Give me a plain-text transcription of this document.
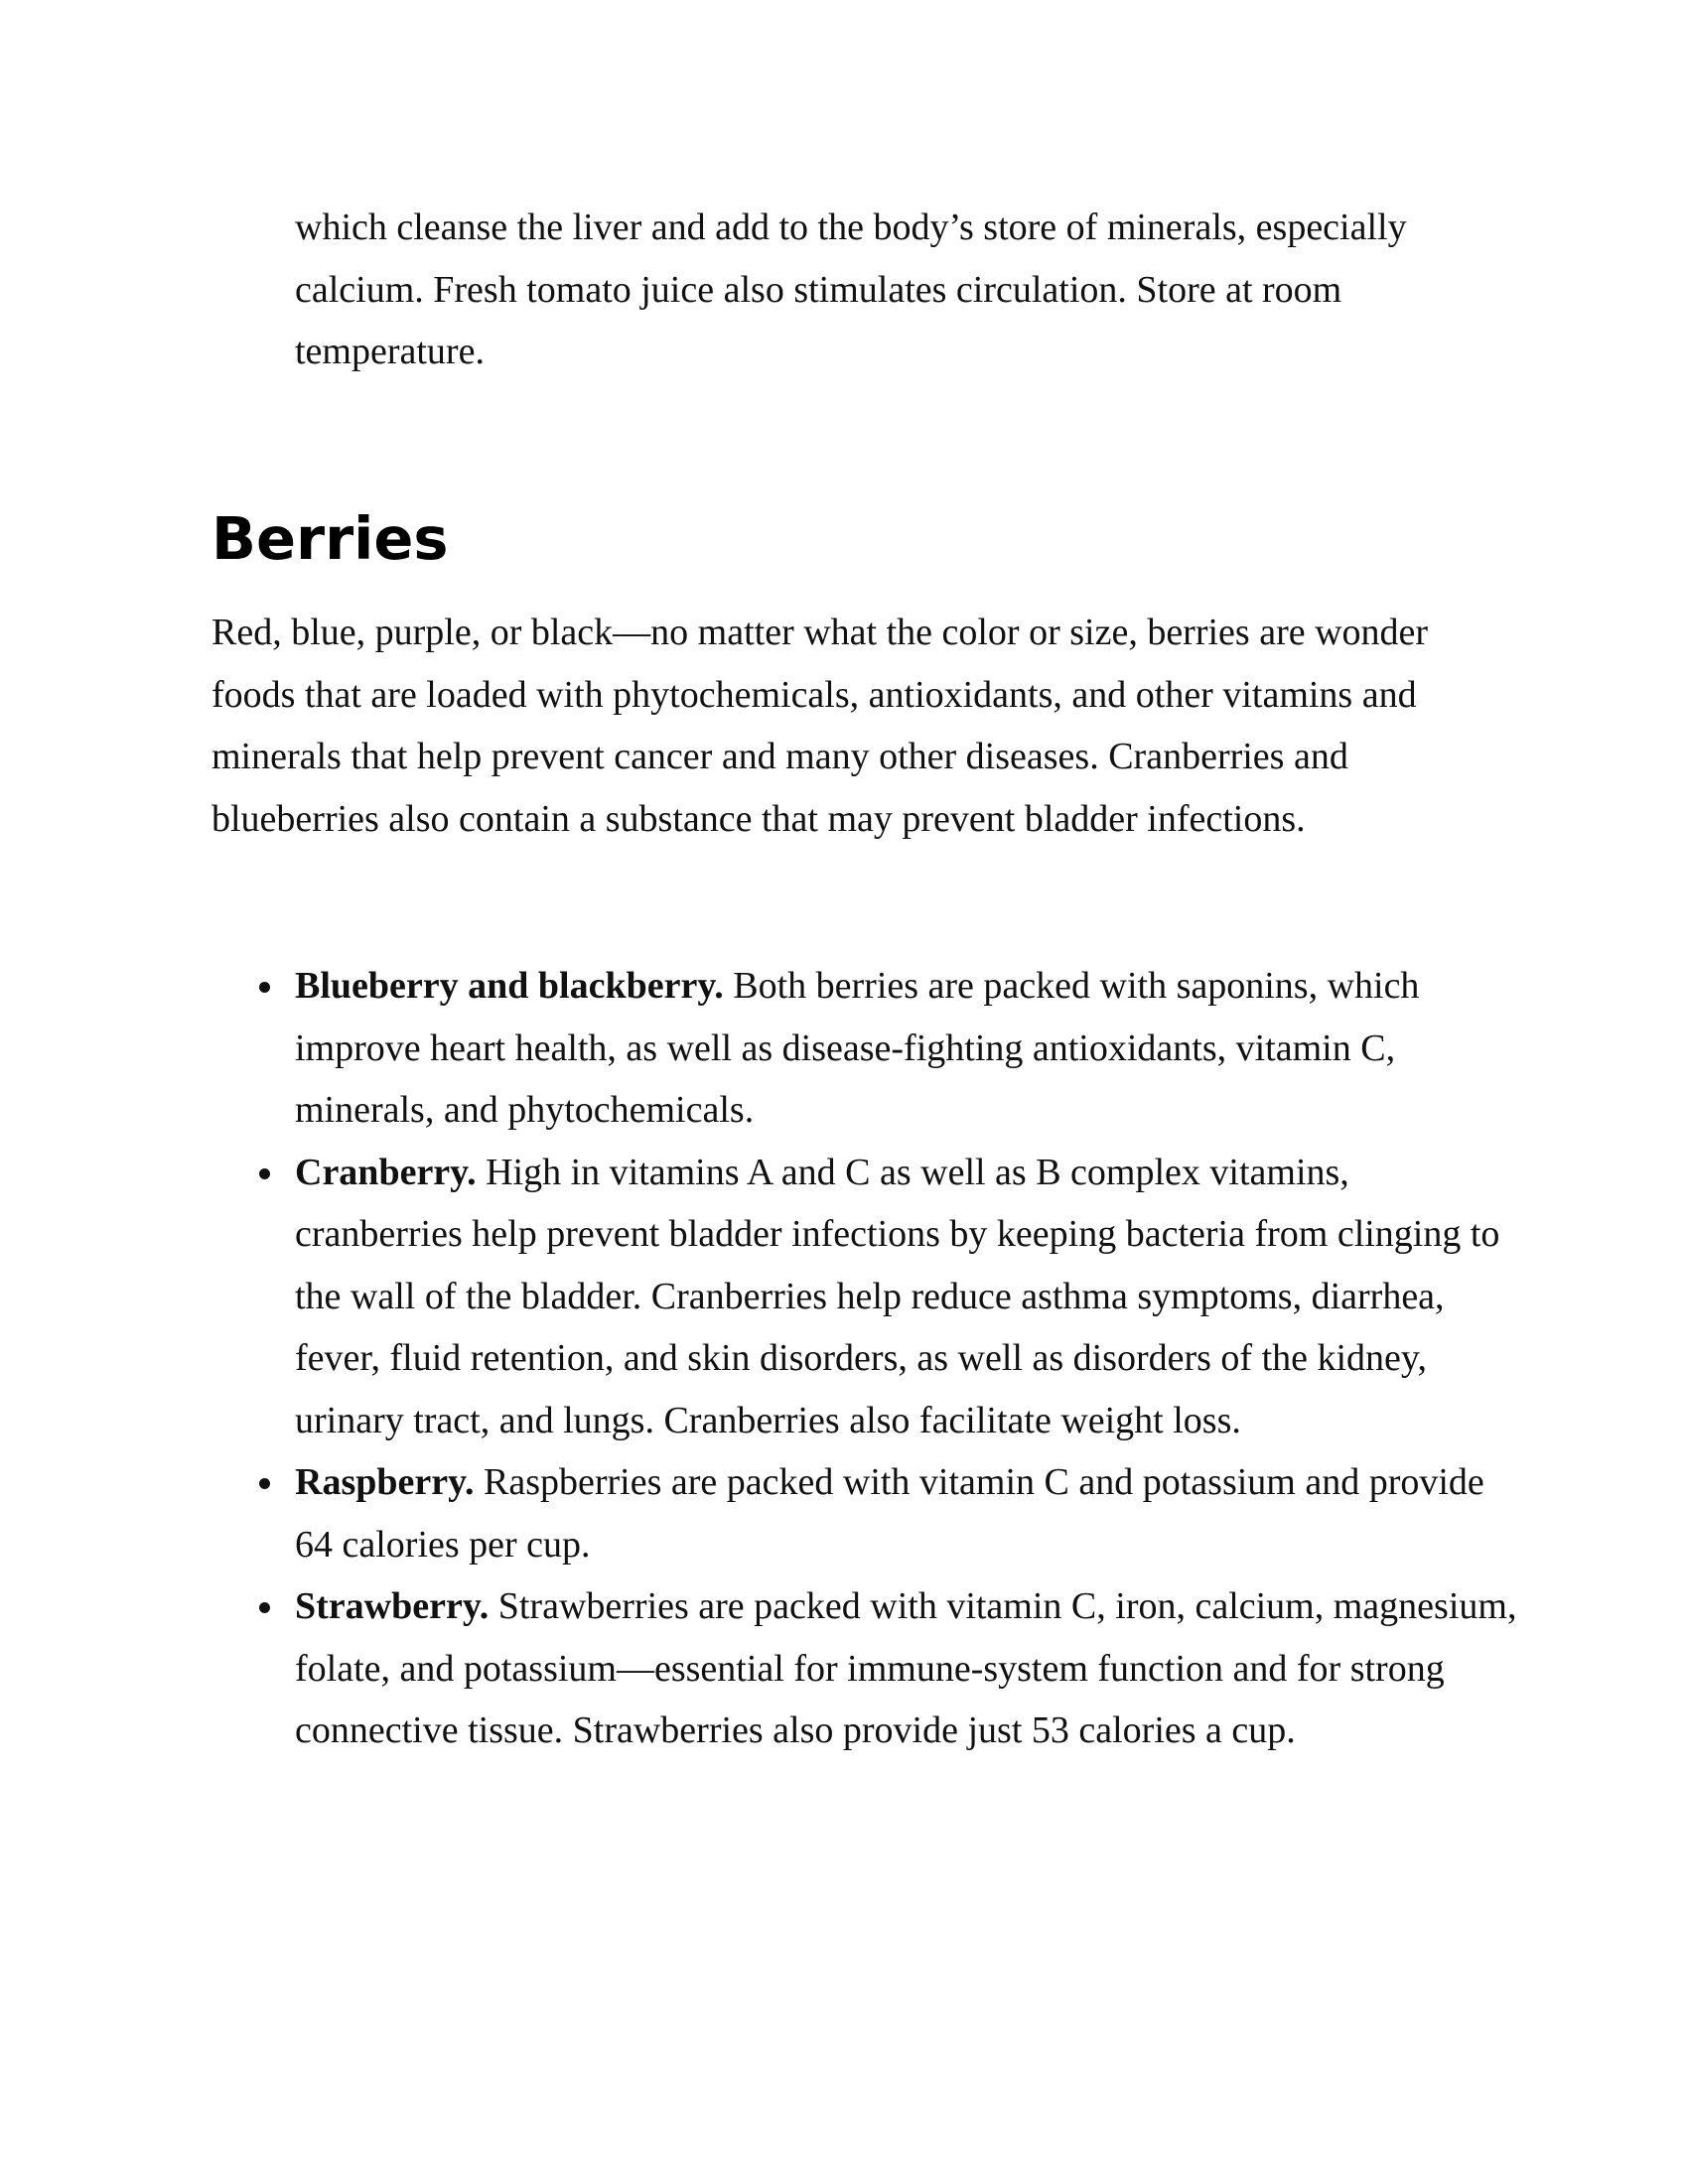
which cleanse the liver and add to the body’s store of minerals, especially calcium. Fresh tomato juice also stimulates circulation. Store at room temperature.

Berries

Red, blue, purple, or black—no matter what the color or size, berries are wonder foods that are loaded with phytochemicals, antioxidants, and other vitamins and minerals that help prevent cancer and many other diseases. Cranberries and blueberries also contain a substance that may prevent bladder infections.

Blueberry and blackberry. Both berries are packed with saponins, which improve heart health, as well as disease-fighting antioxidants, vitamin C, minerals, and phytochemicals.
Cranberry. High in vitamins A and C as well as B complex vitamins, cranberries help prevent bladder infections by keeping bacteria from clinging to the wall of the bladder. Cranberries help reduce asthma symptoms, diarrhea, fever, fluid retention, and skin disorders, as well as disorders of the kidney, urinary tract, and lungs. Cranberries also facilitate weight loss.
Raspberry. Raspberries are packed with vitamin C and potassium and provide 64 calories per cup.
Strawberry. Strawberries are packed with vitamin C, iron, calcium, magnesium, folate, and potassium—essential for immune-system function and for strong connective tissue. Strawberries also provide just 53 calories a cup.
